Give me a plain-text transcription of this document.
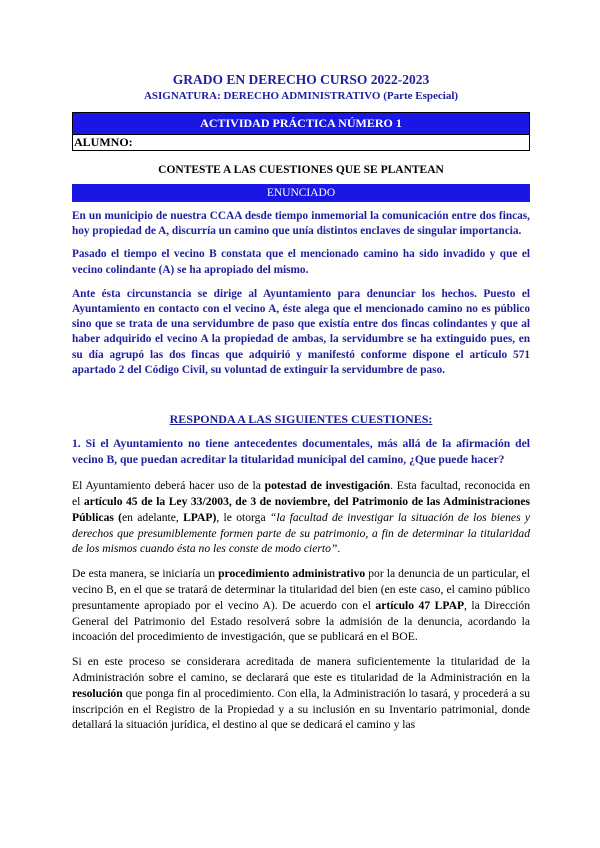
GRADO EN DERECHO CURSO 2022-2023
ASIGNATURA: DERECHO ADMINISTRATIVO (Parte Especial)
ACTIVIDAD PRÁCTICA NÚMERO 1
ALUMNO:
CONTESTE A LAS CUESTIONES QUE SE PLANTEAN
ENUNCIADO

En un municipio de nuestra CCAA desde tiempo inmemorial la comunicación entre dos fincas, hoy propiedad de A, discurría un camino que unía distintos enclaves de singular importancia.

Pasado el tiempo el vecino B constata que el mencionado camino ha sido invadido y que el vecino colindante (A) se ha apropiado del mismo.

Ante ésta circunstancia se dirige al Ayuntamiento para denunciar los hechos. Puesto el Ayuntamiento en contacto con el vecino A, éste alega que el mencionado camino no es público sino que se trata de una servidumbre de paso que existía entre dos fincas colindantes y que al haber adquirido el vecino A la propiedad de ambas, la servidumbre se ha extinguido pues, en su día agrupó las dos fincas que adquirió y manifestó conforme dispone el artículo 571 apartado 2 del Código Civil, su voluntad de extinguir la servidumbre de paso.

RESPONDA A LAS SIGUIENTES CUESTIONES:
1. Si el Ayuntamiento no tiene antecedentes documentales, más allá de la afirmación del vecino B, que puedan acreditar la titularidad municipal del camino, ¿Que puede hacer?

El Ayuntamiento deberá hacer uso de la potestad de investigación. Esta facultad, reconocida en el artículo 45 de la Ley 33/2003, de 3 de noviembre, del Patrimonio de las Administraciones Públicas (en adelante, LPAP), le otorga “la facultad de investigar la situación de los bienes y derechos que presumiblemente formen parte de su patrimonio, a fin de determinar la titularidad de los mismos cuando ésta no les conste de modo cierto”.

De esta manera, se iniciaría un procedimiento administrativo por la denuncia de un particular, el vecino B, en el que se tratará de determinar la titularidad del bien (en este caso, el camino público presuntamente apropiado por el vecino A). De acuerdo con el artículo 47 LPAP, la Dirección General del Patrimonio del Estado resolverá sobre la admisión de la denuncia, acordando la incoación del procedimiento de investigación, que se publicará en el BOE.

Si en este proceso se considerara acreditada de manera suficientemente la titularidad de la Administración sobre el camino, se declarará que este es titularidad de la Administración en la resolución que ponga fin al procedimiento. Con ella, la Administración lo tasará, y procederá a su inscripción en el Registro de la Propiedad y a su inclusión en su Inventario patrimonial, donde detallará la situación jurídica, el destino al que se dedicará el camino y las
